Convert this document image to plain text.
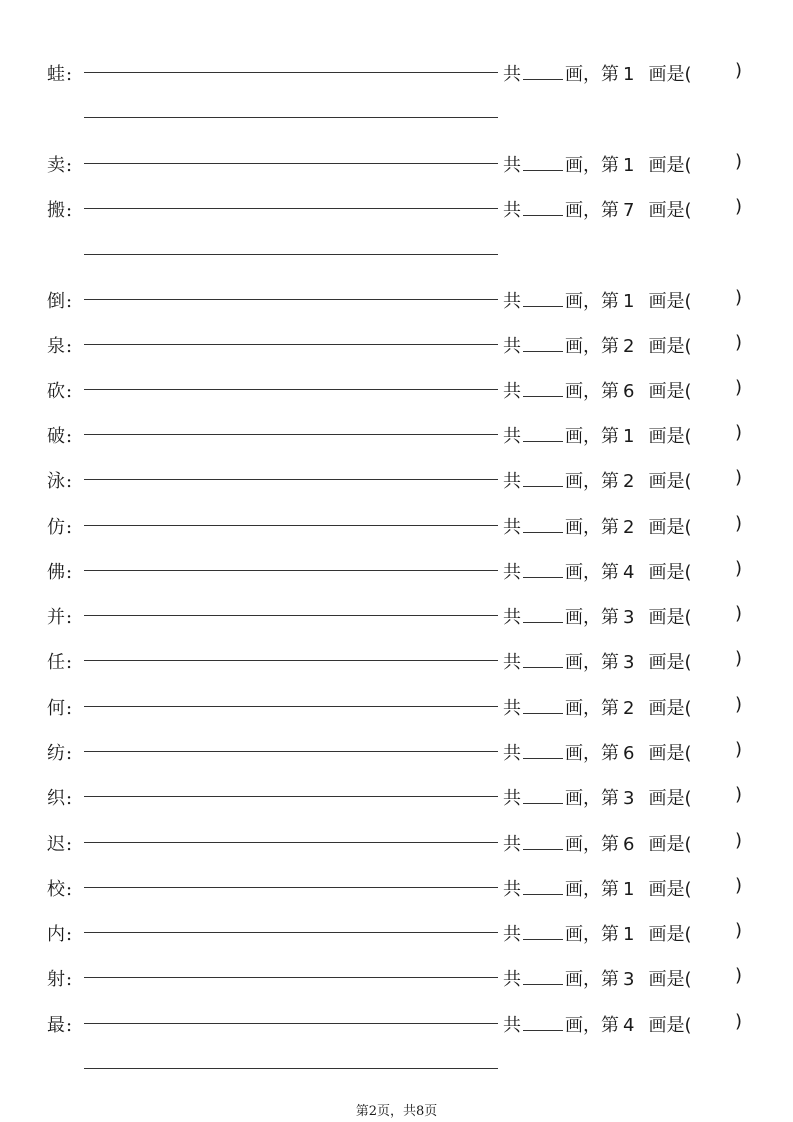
蛙:	共 画，第 1 画是( )
卖:	共 画，第 1 画是( )
搬:	共 画，第 7 画是( )
倒:	共 画，第 1 画是( )
泉:	共 画，第 2 画是( )
砍:	共 画，第 6 画是( )
破:	共 画，第 1 画是( )
泳:	共 画，第 2 画是( )
仿:	共 画，第 2 画是( )
佛:	共 画，第 4 画是( )
并:	共 画，第 3 画是( )
任:	共 画，第 3 画是( )
何:	共 画，第 2 画是( )
纺:	共 画，第 6 画是( )
织:	共 画，第 3 画是( )
迟:	共 画，第 6 画是( )
校:	共 画，第 1 画是( )
内:	共 画，第 1 画是( )
射:	共 画，第 3 画是( )
最:	共 画，第 4 画是( )
第2页，共8页
